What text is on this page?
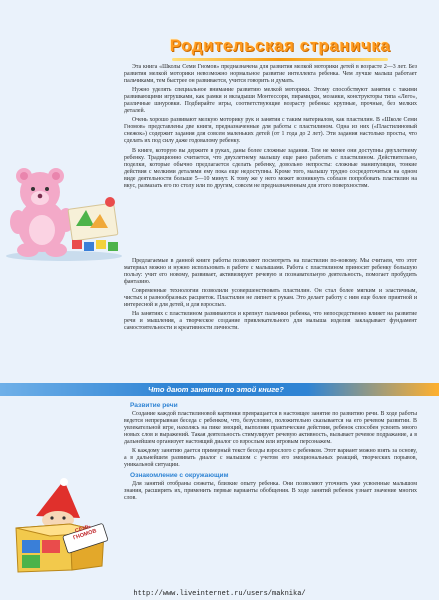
Родительская страничка

Эта книга «Школы Семи Гномов» предназначена для развития мелкой моторики детей в возрасте 2—3 лет. Без развития мелкой моторики невозможно нормальное развитие интеллекта ребенка. Чем лучше малыш работает пальчиками, тем быстрее он развивается, учится говорить и думать.

Нужно уделять специальное внимание развитию мелкой моторики. Этому способствуют занятия с такими развивающими игрушками, как рамки и вкладыши Монтессори, пирамидки, мозаики, конструкторы типа «Лего», различные шнуровки. Подбирайте игры, соответствующие возрасту ребенка: крупные, прочные, без мелких деталей.

Очень хорошо развивают мелкую моторику рук и занятия с таким материалом, как пластилин. В «Школе Семи Гномов» представлены две книги, предназначенные для работы с пластилином. Одна из них («Пластилиновый снежок») содержит задания для совсем маленьких детей (от 1 года до 2 лет). Эти задания настолько просты, что сделать их под силу даже годовалому ребенку.

В книге, которую вы держите в руках, даны более сложные задания. Тем не менее они доступны двухлетнему ребенку. Традиционно считается, что двухлетнему малышу еще рано работать с пластилином. Действительно, поделки, которые обычно предлагается сделать ребенку, довольно непросты: сложные манипуляции, тонкие действия с мелкими деталями ему пока еще недоступны. Кроме того, малышу трудно сосредоточиться на одном виде деятельности больше 5—10 минут. К тому же у него может возникнуть соблазн попробовать пластилин на вкус, размазать его по столу или по другим, совсем не предназначенным для этого поверхностям.

Предлагаемые в данной книге работы позволяют посмотреть на пластилин по-новому. Мы считаем, что этот материал можно и нужно использовать в работе с малышами. Работа с пластилином приносит ребенку большую пользу: учит его новому, развивает, активизирует речевую и познавательную деятельность, помогает пробудить фантазию.

Современные технологии позволили усовершенствовать пластилин. Он стал более мягким и эластичным, чистых и разнообразных расцветок. Пластилин не липнет к рукам. Это делает работу с ним еще более приятной и интересной и для детей, и для взрослых.

На занятиях с пластилином развиваются и крепнут пальчики ребенка, что непосредственно влияет на развитие речи и мышления, а творческое создание привлекательного для малыша изделия закладывает фундамент самостоятельности и креативности личности.

Что дают занятия по этой книге?
СЕМЬ ГНОМОВ
Развитие речи

Создание каждой пластилиновой картинки превращается в настоящее занятие по развитию речи. В ходе работы ведется непрерывная беседа с ребенком, что, безусловно, положительно сказывается на его речевом развитии. В увлекательной игре, нахолясь на пике эмоций, выполняя практические действия, ребенок способен усвоить много новых слов и выражений. Такая деятельность стимулирует речевую активность, вызывает речевое подражание, а в дальнейшем организует настоящий диалог со взрослым или игровым персонажем.

К каждому занятию дается примерный текст беседы взрослого с ребенком. Этот вариант можно взять за основу, а в дальнейшем развивать диалог с малышом с учетом его эмоциональных реакций, творческих порывов, уникальной ситуации.

Ознакомление с окружающим

Для занятий отобраны сюжеты, близкие опыту ребенка. Они позволяют уточнить уже усвоенные малышом знания, расширить их, применить первые варианты обобщения. В ходе занятий ребенок узнает значение многих слов.

http://www.liveinternet.ru/users/maknika/
